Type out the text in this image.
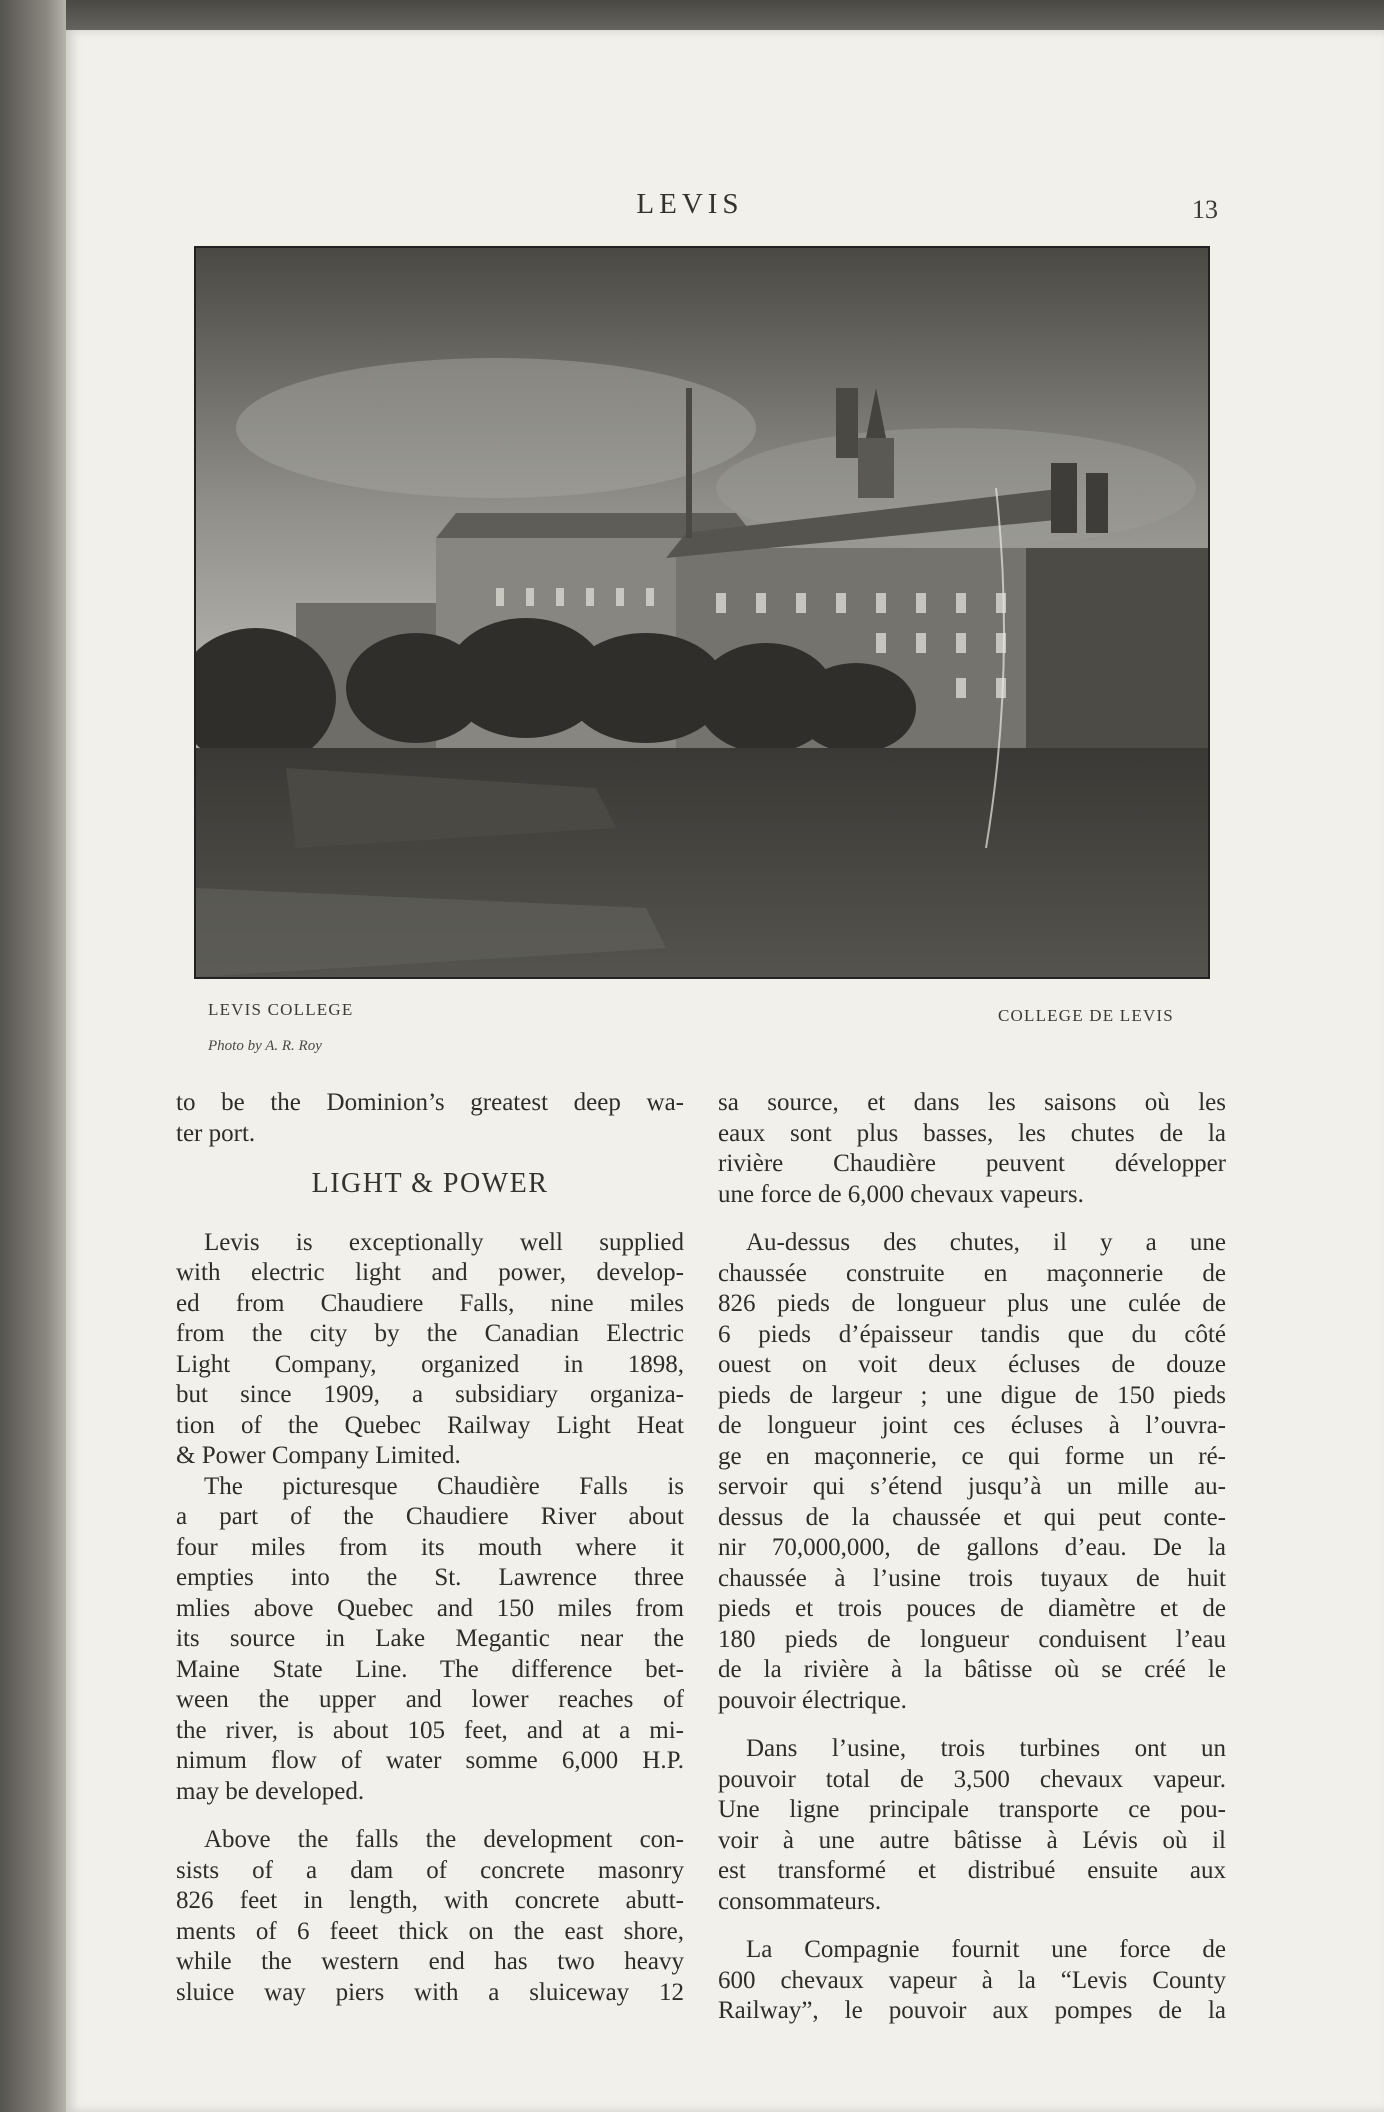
LEVIS	13
LEVIS COLLEGE	COLLEGE DE LEVIS
Photo by A. R. Roy

to be the Dominion’s greatest deep wa-
ter port.

LIGHT & POWER

Levis is exceptionally well supplied
with electric light and power, develop-
ed from Chaudiere Falls, nine miles
from the city by the Canadian Electric
Light Company, organized in 1898,
but since 1909, a subsidiary organiza-
tion of the Quebec Railway Light Heat
& Power Company Limited.

The picturesque Chaudière Falls is
a part of the Chaudiere River about
four miles from its mouth where it
empties into the St. Lawrence three
mlies above Quebec and 150 miles from
its source in Lake Megantic near the
Maine State Line. The difference bet-
ween the upper and lower reaches of
the river, is about 105 feet, and at a mi-
nimum flow of water somme 6,000 H.P.
may be developed.

Above the falls the development con-
sists of a dam of concrete masonry
826 feet in length, with concrete abutt-
ments of 6 feeet thick on the east shore,
while the western end has two heavy
sluice way piers with a sluiceway 12

sa source, et dans les saisons où les
eaux sont plus basses, les chutes de la
rivière Chaudière peuvent développer
une force de 6,000 chevaux vapeurs.

Au-dessus des chutes, il y a une
chaussée construite en maçonnerie de
826 pieds de longueur plus une culée de
6 pieds d’épaisseur tandis que du côté
ouest on voit deux écluses de douze
pieds de largeur ; une digue de 150 pieds
de longueur joint ces écluses à l’ouvra-
ge en maçonnerie, ce qui forme un ré-
servoir qui s’étend jusqu’à un mille au-
dessus de la chaussée et qui peut conte-
nir 70,000,000, de gallons d’eau. De la
chaussée à l’usine trois tuyaux de huit
pieds et trois pouces de diamètre et de
180 pieds de longueur conduisent l’eau
de la rivière à la bâtisse où se créé le
pouvoir électrique.

Dans l’usine, trois turbines ont un
pouvoir total de 3,500 chevaux vapeur.
Une ligne principale transporte ce pou-
voir à une autre bâtisse à Lévis où il
est transformé et distribué ensuite aux
consommateurs.

La Compagnie fournit une force de
600 chevaux vapeur à la “Levis County
Railway”, le pouvoir aux pompes de la
